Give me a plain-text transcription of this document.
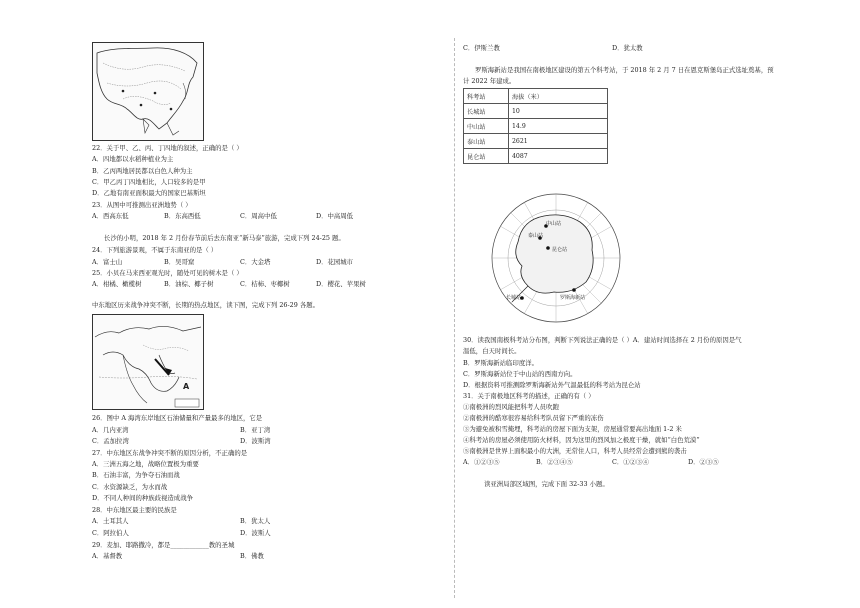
22．关于甲、乙、丙、丁四地的叙述，正确的是（ ）
A．四地都以水稻种植业为主
B．乙丙两地居民都以白色人种为主
C．甲乙丙丁四地相比，人口较多的是甲
D．乙地有南亚面积最大的国家巴基斯坦
23．从图中可推测出亚洲地势（ ）
A．西高东低	B．东高西低	C．周高中低	D．中高周低
长沙的小明，2018 年 2 月份春节前后去东南亚“新马泰”旅游，完成下列 24-25 题。
24．下列旅游景观，不属于东南亚的是（ ）
A．富士山	B．吴哥窟	C．大金塔	D．花园城市
25．小贝在马来西亚观光时，随处可见的树木是（ ）
A．柑橘、橄榄树	B．油棕、椰子树	C．桔柿、枣椰树	D．樱花、苹果树
中东地区历来战争冲突不断，长期的热点地区，读下图，完成下列 26-29 各题。
A
26．图中 A 海湾东岸地区石油储量和产量最多的地区，它是
A．几内亚湾	B．亚丁湾
C．孟加拉湾	D．波斯湾
27．中东地区东战争冲突不断的原因分析，不正确的是
A．三洲五海之地，战略位置极为重要
B．石油丰富，为争夺石油而战
C．水资源缺乏，为水而战
D．不同人种间的种族歧视造成战争
28．中东地区最主要的民族是
A．土耳其人	B．犹太人
C．阿拉伯人	D．波斯人
29．麦加、耶路撒冷，都是____________教的圣城
A．基督教	B．佛教
C．伊斯兰教	D．犹太教
罗斯海新站是我国在南极地区建设的第五个科考站，于 2018 年 2 月 7 日在恩克斯堡岛正式选址奠基，预
计 2022 年建成。
科考站	海拔（米）
长城站	10
中山站	14.9
泰山站	2621
昆仑站	4087
中山站
泰山站
昆仑站
长城站	罗斯海新站
30．读我国南极科考站分布图，判断下列说法正确的是（ ）A．建站时间选择在 2 月份的原因是气
温低，白天时间长。
B．罗斯海新站临印度洋。
C．罗斯海新站位于中山站的西南方向。
D．根据资料可推测除罗斯海新站外气温最低的科考站为昆仑站
31．关于南极地区科考的描述，正确的有（ ）
①南极洲的烈风能把科考人员吹跑
②南极洲的酷寒很容易给科考队员留下严重的冻伤
③为避免被积雪掩埋，科考站的房屋下面为支架，房屋通常要高出地面 1-2 米
④科考站的房屋必须使用防火材料，因为这里的烈风加之极度干燥，就如“白色荒漠”
⑤南极洲是世界上面积最小的大洲，无常住人口，科考人员经常会遭到熊的袭击
A．①②③⑤	B．②③④⑤	C．①②③④	D．②③⑤
读亚洲局部区域图，完成下面 32-33 小题。
